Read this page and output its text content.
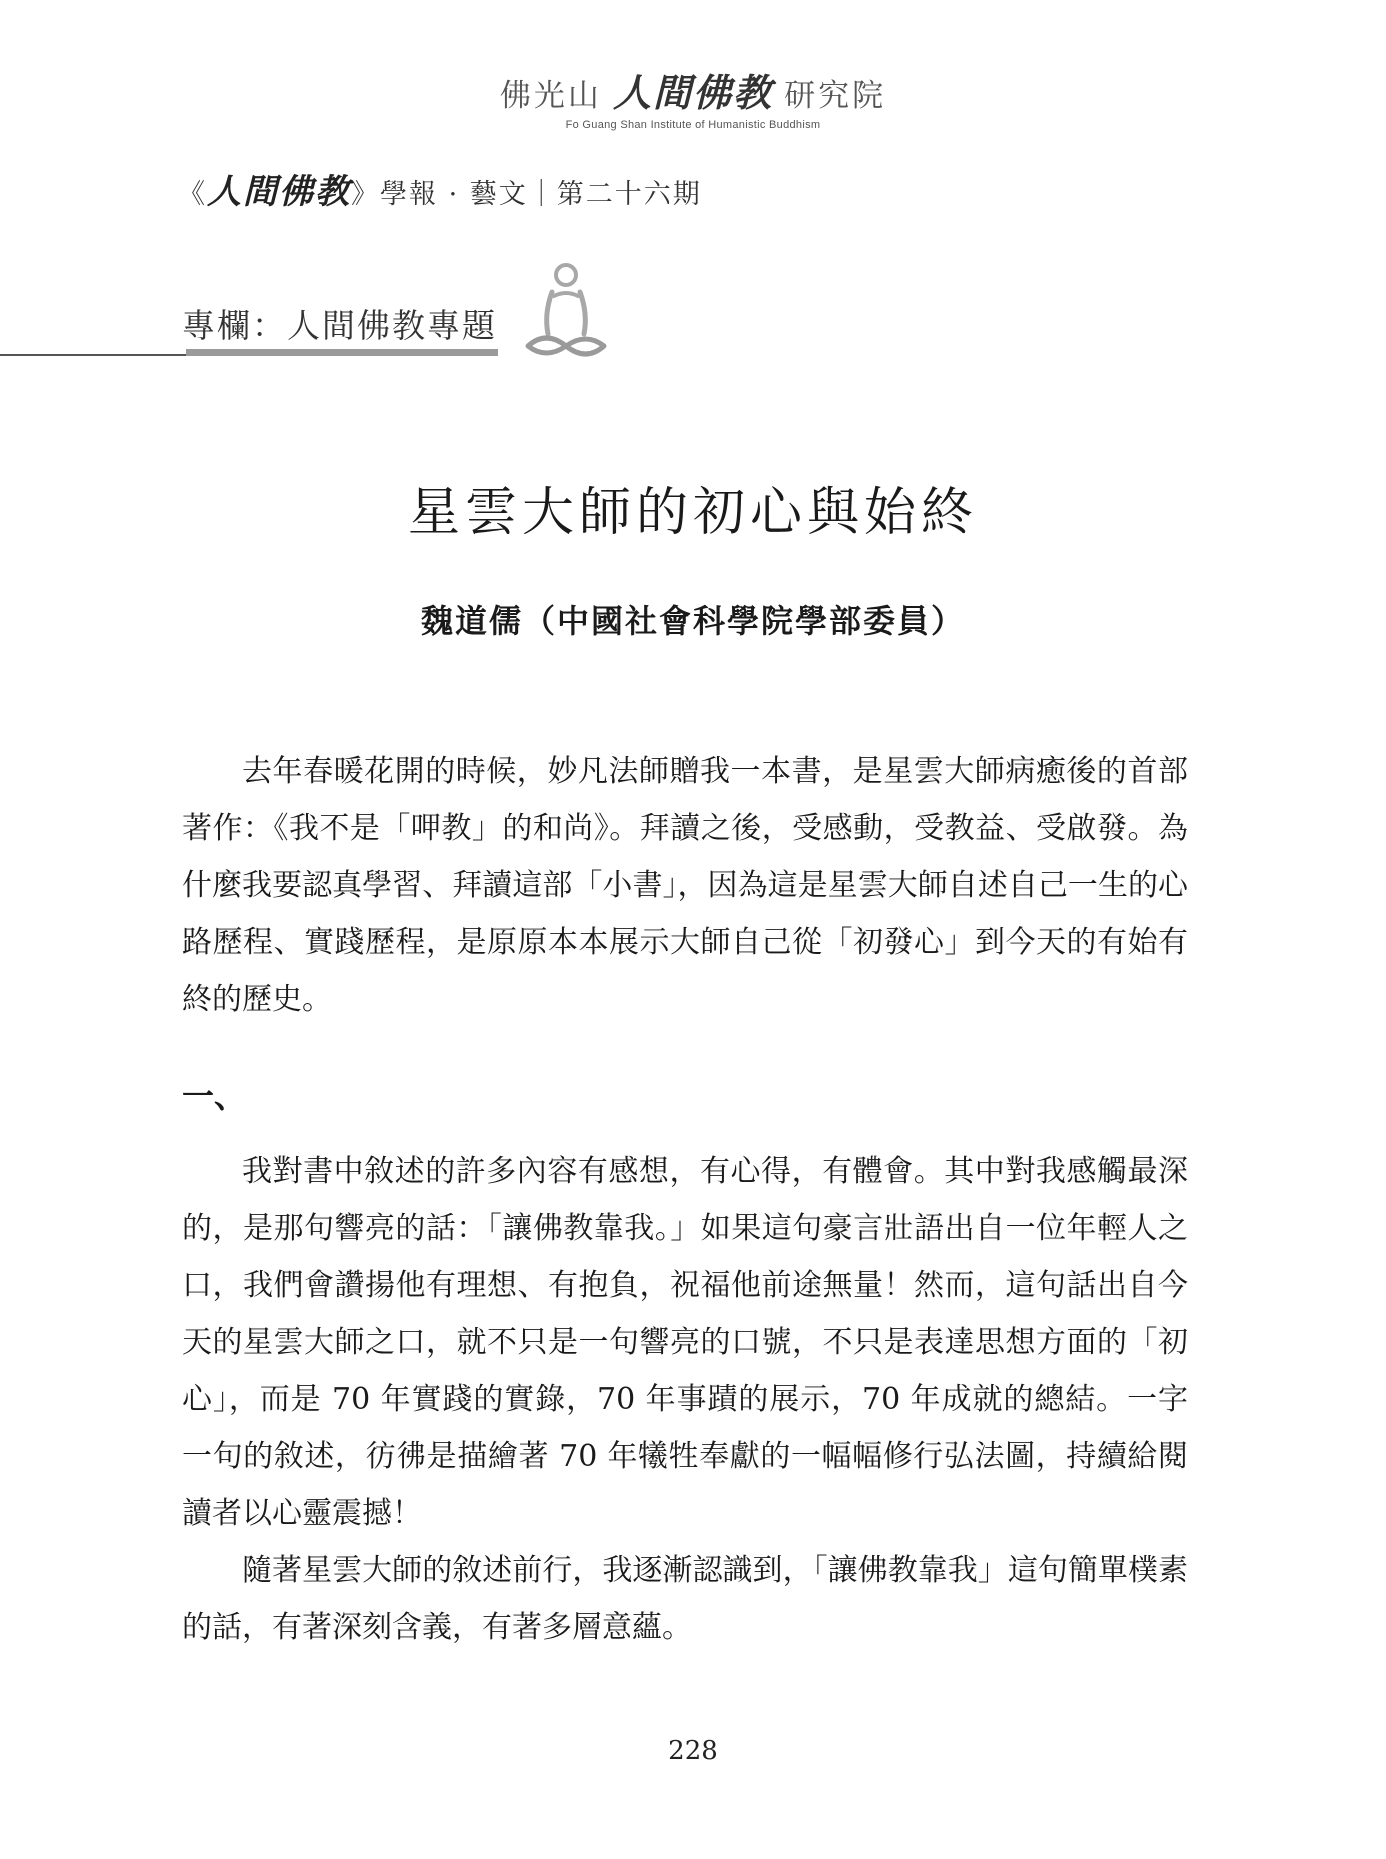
佛光山 人間佛教 研究院
Fo Guang Shan Institute of Humanistic Buddhism
《人間佛教》學報 · 藝文｜第二十六期
專欄：人間佛教專題
星雲大師的初心與始終
魏道儒（中國社會科學院學部委員）

去年春暖花開的時候，妙凡法師贈我一本書，是星雲大師病癒後的首部著作：《我不是「呷教」的和尚》。拜讀之後，受感動，受教益、受啟發。為什麼我要認真學習、拜讀這部「小書」，因為這是星雲大師自述自己一生的心路歷程、實踐歷程，是原原本本展示大師自己從「初發心」到今天的有始有終的歷史。

一、

我對書中敘述的許多內容有感想，有心得，有體會。其中對我感觸最深的，是那句響亮的話：「讓佛教靠我。」如果這句豪言壯語出自一位年輕人之口，我們會讚揚他有理想、有抱負，祝福他前途無量！然而，這句話出自今天的星雲大師之口，就不只是一句響亮的口號，不只是表達思想方面的「初心」，而是 70 年實踐的實錄，70 年事蹟的展示，70 年成就的總結。一字一句的敘述，彷彿是描繪著 70 年犧牲奉獻的一幅幅修行弘法圖，持續給閱讀者以心靈震撼！

隨著星雲大師的敘述前行，我逐漸認識到，「讓佛教靠我」這句簡單樸素的話，有著深刻含義，有著多層意蘊。

228
